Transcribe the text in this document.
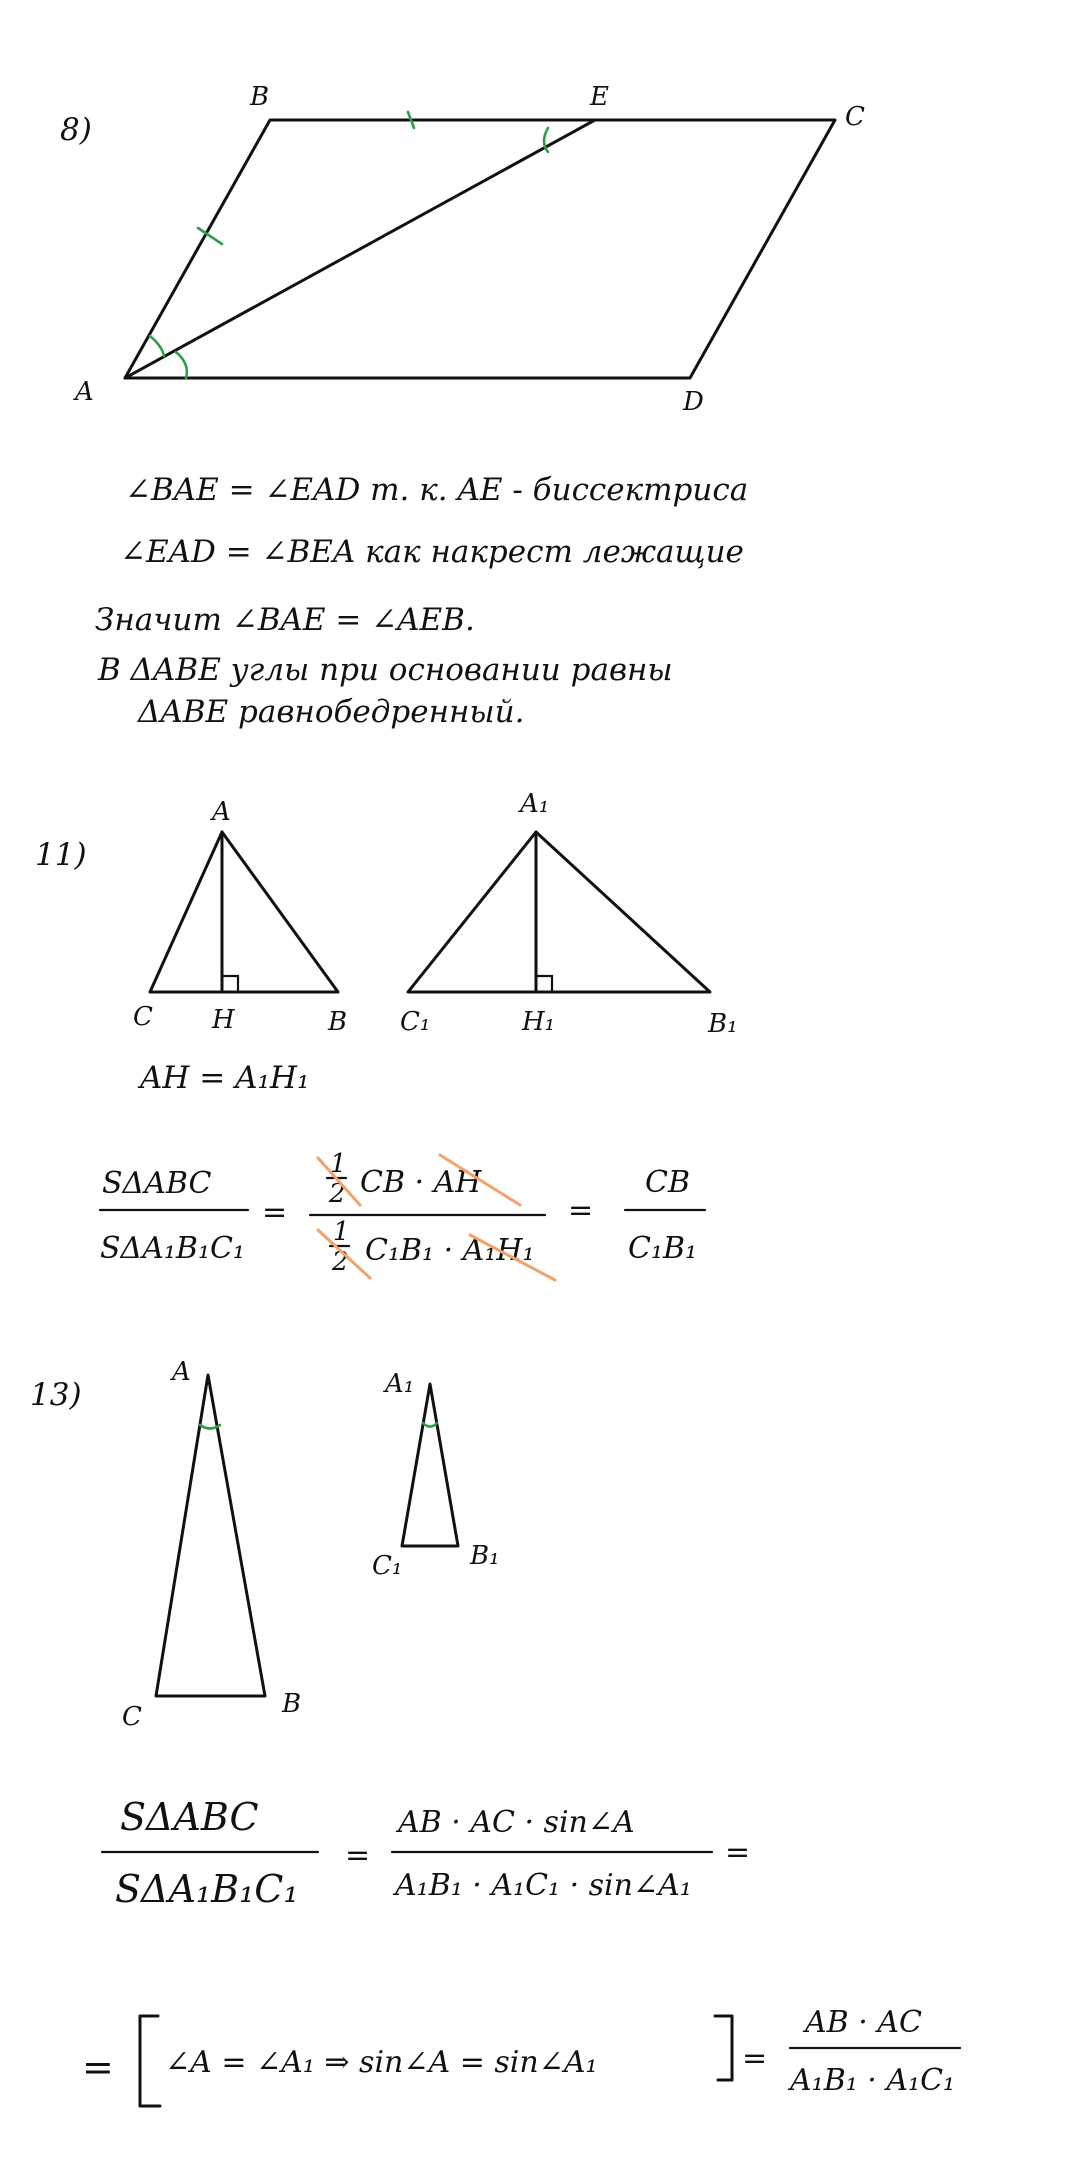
8)
A
B	E
C
D
∠BAE = ∠EAD т. к. AE - биссектриса
∠EAD = ∠BEA как накрест лежащие
Значит ∠BAE = ∠AEB.
В ΔABE углы при основании равны
ΔABE равнобедренный.
11)
A
C H	B
A₁
C₁	H₁	B₁
AH = A₁H₁
SΔABC
SΔA₁B₁C₁
=
1
2 CB · AH
1
2 C₁B₁ · A₁H₁
=
CB
C₁B₁
13)
A
C	B
A₁
C₁	B₁
SΔABC
SΔA₁B₁C₁
=
AB · AC · sin∠A
A₁B₁ · A₁C₁ · sin∠A₁
=
= ∠A = ∠A₁ ⇒ sin∠A = sin∠A₁	=
AB · AC
A₁B₁ · A₁C₁
